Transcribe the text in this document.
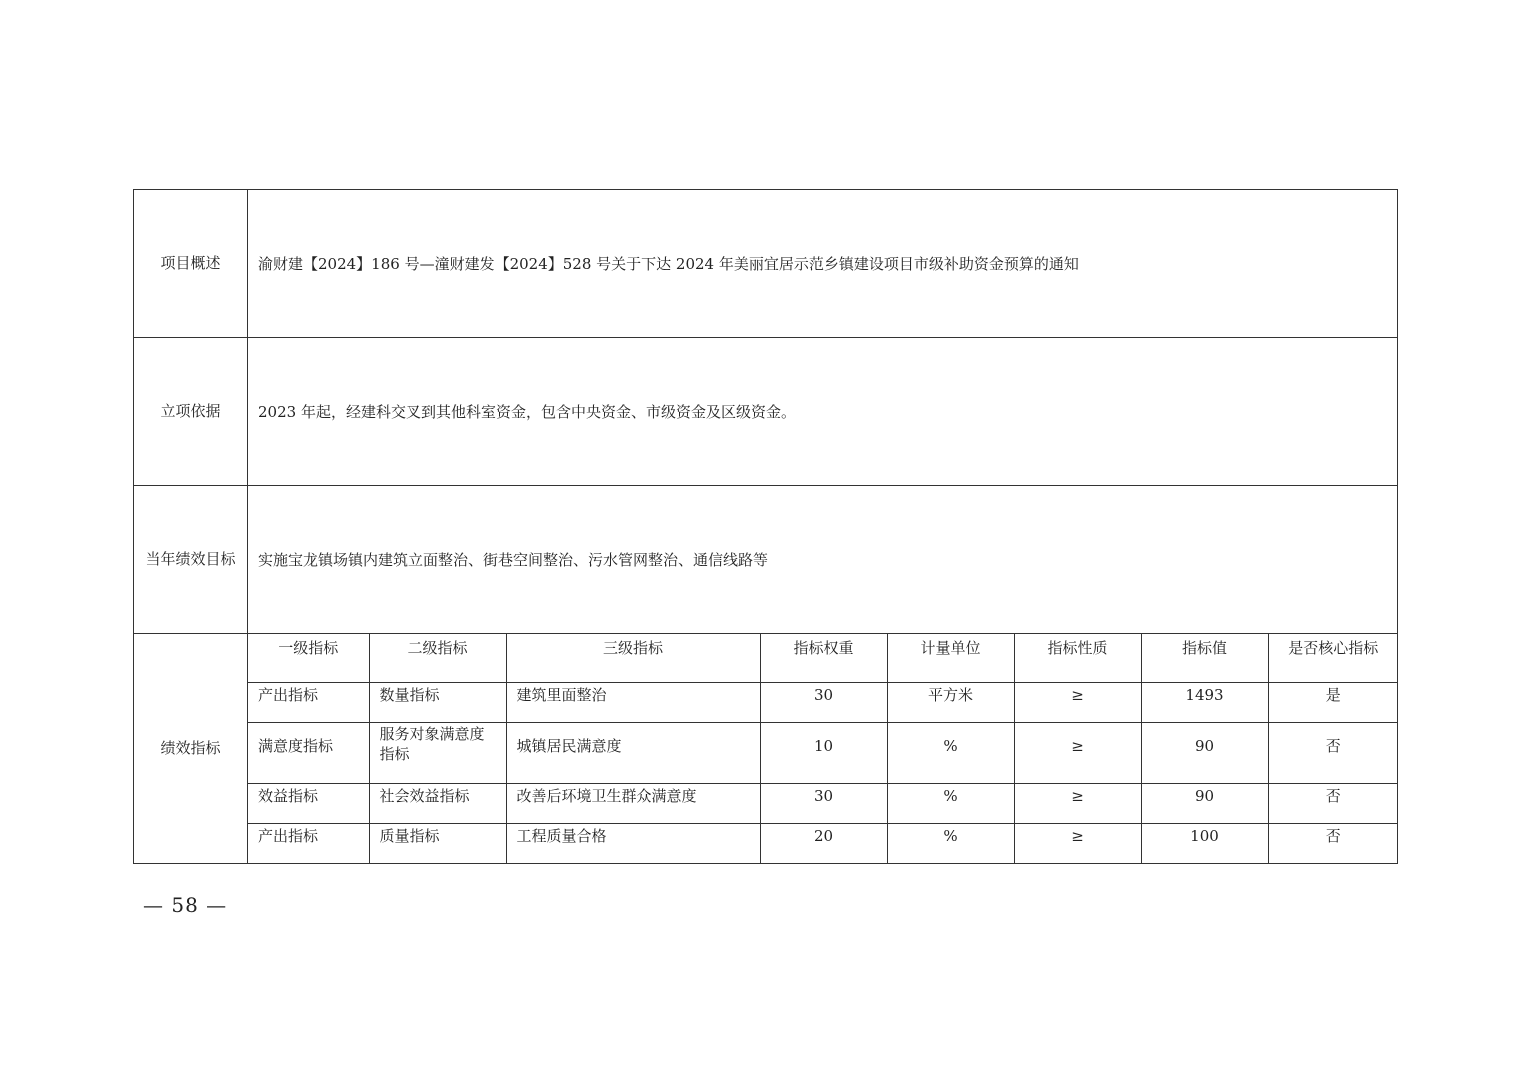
项目概述	渝财建【2024】186 号—潼财建发【2024】528 号关于下达 2024 年美丽宜居示范乡镇建设项目市级补助资金预算的通知
立项依据	2023 年起，经建科交叉到其他科室资金，包含中央资金、市级资金及区级资金。
当年绩效目标	实施宝龙镇场镇内建筑立面整治、街巷空间整治、污水管网整治、通信线路等
绩效指标	
一级指标	二级指标	三级指标	指标权重	计量单位	指标性质	指标值	是否核心指标
产出指标	数量指标	建筑里面整治	30	平方米	≥	1493	是
满意度指标	服务对象满意度指标	城镇居民满意度	10	%	≥	90	否
效益指标	社会效益指标	改善后环境卫生群众满意度	30	%	≥	90	否
产出指标	质量指标	工程质量合格	20	%	≥	100	否
— 58 —
